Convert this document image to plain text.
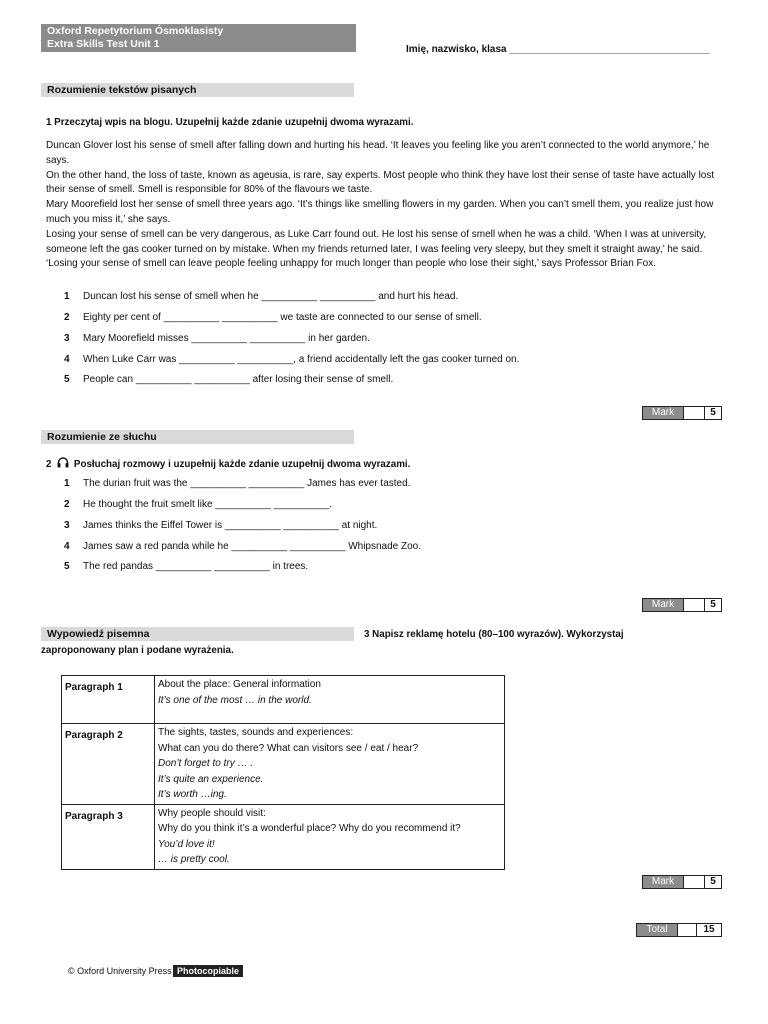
Oxford Repetytorium Ósmoklasisty
Extra Skills Test Unit 1	Imię, nazwisko, klasa ____________________________________
Rozumienie tekstów pisanych
1 Przeczytaj wpis na blogu. Uzupełnij każde zdanie uzupełnij dwoma wyrazami.

Duncan Glover lost his sense of smell after falling down and hurting his head. ‘It leaves you feeling like you aren’t connected to the world anymore,’ he says.

On the other hand, the loss of taste, known as ageusia, is rare, say experts. Most people who think they have lost their sense of taste have actually lost their sense of smell. Smell is responsible for 80% of the flavours we taste.

Mary Moorefield lost her sense of smell three years ago. ‘It’s things like smelling flowers in my garden. When you can’t smell them, you realize just how much you miss it,’ she says.

Losing your sense of smell can be very dangerous, as Luke Carr found out. He lost his sense of smell when he was a child. ‘When I was at university, someone left the gas cooker turned on by mistake. When my friends returned later, I was feeling very sleepy, but they smelt it straight away,’ he said.

‘Losing your sense of smell can leave people feeling unhappy for much longer than people who lose their sight,’ says Professor Brian Fox.

1 Duncan lost his sense of smell when he __________ __________ and hurt his head.
2 Eighty per cent of __________ __________ we taste are connected to our sense of smell.
3 Mary Moorefield misses __________ __________ in her garden.
4 When Luke Carr was __________ __________, a friend accidentally left the gas cooker turned on.
5 People can __________ __________ after losing their sense of smell.
Mark	5
Rozumienie ze słuchu
2 Posłuchaj rozmowy i uzupełnij każde zdanie uzupełnij dwoma wyrazami.
1 The durian fruit was the __________ __________ James has ever tasted.
2 He thought the fruit smelt like __________ __________.
3 James thinks the Eiffel Tower is __________ __________ at night.
4 James saw a red panda while he __________ __________ Whipsnade Zoo.
5 The red pandas __________ __________ in trees.
Mark	5
Wypowiedź pisemna	3 Napisz reklamę hotelu (80–100 wyrazów). Wykorzystaj
zaproponowany plan i podane wyrażenia.
Paragraph 1	About the place: General information
It’s one of the most … in the world.

Paragraph 2	The sights, tastes, sounds and experiences:
What can you do there? What can visitors see / eat / hear?
Don’t forget to try … .
It’s quite an experience.
It’s worth …ing.

Paragraph 3	Why people should visit:
Why do you think it’s a wonderful place? Why do you recommend it?
You’d love it!
… is pretty cool.
Mark	5
Total	15
© Oxford University Press Photocopiable
